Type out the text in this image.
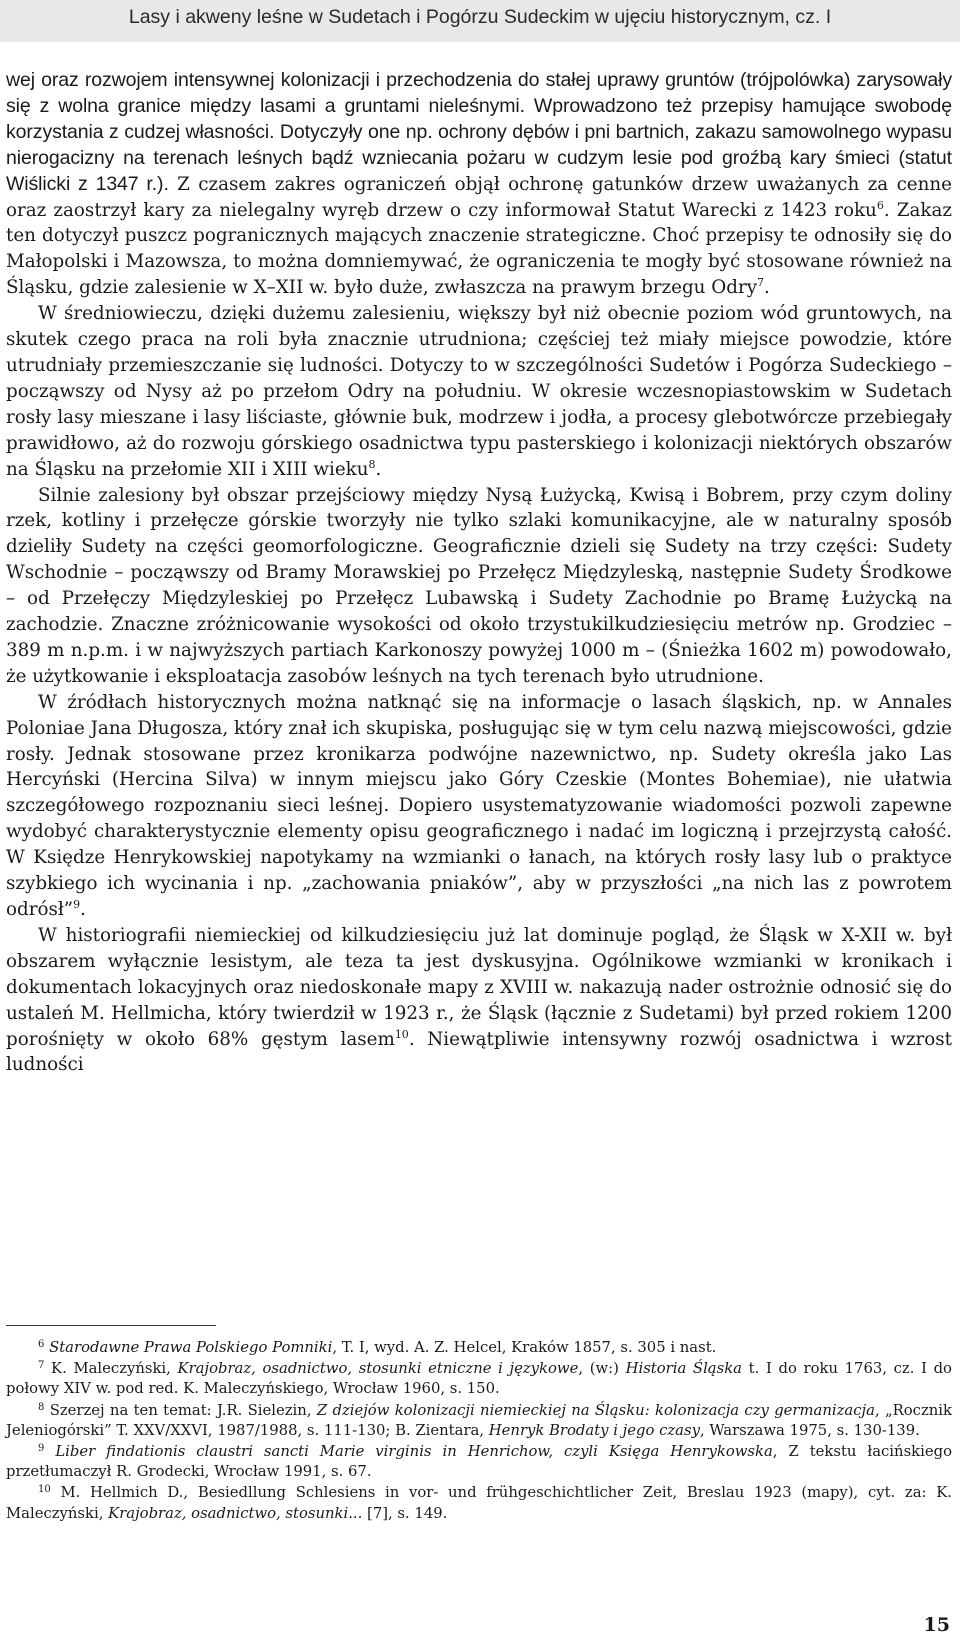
Lasy i akweny leśne w Sudetach i Pogórzu Sudeckim w ujęciu historycznym, cz. I

wej oraz rozwojem intensywnej kolonizacji i przechodzenia do stałej uprawy gruntów (trójpolówka) zarysowały się z wolna granice między lasami a gruntami nieleśnymi. Wprowadzono też przepisy hamujące swobodę korzystania z cudzej własności. Dotyczyły one np. ochrony dębów i pni bartnich, zakazu samowolnego wypasu nierogacizny na terenach leśnych bądź wzniecania pożaru w cudzym lesie pod groźbą kary śmieci (statut Wiślicki z 1347 r.). Z czasem zakres ograniczeń objął ochronę gatunków drzew uważanych za cenne oraz zaostrzył kary za nielegalny wyręb drzew o czy informował Statut Warecki z 1423 roku$^6$. Zakaz ten dotyczył puszcz pogranicznych mających znaczenie strategiczne. Choć przepisy te odnosiły się do Małopolski i Mazowsza, to można domniemywać, że ograniczenia te mogły być stosowane również na Śląsku, gdzie zalesienie w X–XII w. było duże, zwłaszcza na prawym brzegu Odry$^7$.

W średniowieczu, dzięki dużemu zalesieniu, większy był niż obecnie poziom wód gruntowych, na skutek czego praca na roli była znacznie utrudniona; częściej też miały miejsce powodzie, które utrudniały przemieszczanie się ludności. Dotyczy to w szczególności Sudetów i Pogórza Sudeckiego – począwszy od Nysy aż po przełom Odry na południu. W okresie wczesnopiastowskim w Sudetach rosły lasy mieszane i lasy liściaste, głównie buk, modrzew i jodła, a procesy glebotwórcze przebiegały prawidłowo, aż do rozwoju górskiego osadnictwa typu pasterskiego i kolonizacji niektórych obszarów na Śląsku na przełomie XII i XIII wieku$^8$.

Silnie zalesiony był obszar przejściowy między Nysą Łużycką, Kwisą i Bobrem, przy czym doliny rzek, kotliny i przełęcze górskie tworzyły nie tylko szlaki komunikacyjne, ale w naturalny sposób dzieliły Sudety na części geomorfologiczne. Geograficznie dzieli się Sudety na trzy części: Sudety Wschodnie – począwszy od Bramy Morawskiej po Przełęcz Międzyleską, następnie Sudety Środkowe – od Przełęczy Międzyleskiej po Przełęcz Lubawską i Sudety Zachodnie po Bramę Łużycką na zachodzie. Znaczne zróżnicowanie wysokości od około trzystukilkudziesięciu metrów np. Grodziec – 389 m n.p.m. i w najwyższych partiach Karkonoszy powyżej 1000 m – (Śnieżka 1602 m) powodowało, że użytkowanie i eksploatacja zasobów leśnych na tych terenach było utrudnione.

W źródłach historycznych można natknąć się na informacje o lasach śląskich, np. w Annales Poloniae Jana Długosza, który znał ich skupiska, posługując się w tym celu nazwą miejscowości, gdzie rosły. Jednak stosowane przez kronikarza podwójne nazewnictwo, np. Sudety określa jako Las Hercyński (Hercina Silva) w innym miejscu jako Góry Czeskie (Montes Bohemiae), nie ułatwia szczegółowego rozpoznaniu sieci leśnej. Dopiero usystematyzowanie wiadomości pozwoli zapewne wydobyć charakterystycznie elementy opisu geograficznego i nadać im logiczną i przejrzystą całość. W Księdze Henrykowskiej napotykamy na wzmianki o łanach, na których rosły lasy lub o praktyce szybkiego ich wycinania i np. „zachowania pniaków”, aby w przyszłości „na nich las z powrotem odrósł”$^9$.

W historiografii niemieckiej od kilkudziesięciu już lat dominuje pogląd, że Śląsk w X-XII w. był obszarem wyłącznie lesistym, ale teza ta jest dyskusyjna. Ogólnikowe wzmianki w kronikach i dokumentach lokacyjnych oraz niedoskonałe mapy z XVIII w. nakazują nader ostrożnie odnosić się do ustaleń M. Hellmicha, który twierdził w 1923 r., że Śląsk (łącznie z Sudetami) był przed rokiem 1200 porośnięty w około 68% gęstym lasem$^{10}$. Niewątpliwie intensywny rozwój osadnictwa i wzrost ludności

$^6$ Starodawne Prawa Polskiego Pomniki, T. I, wyd. A. Z. Helcel, Kraków 1857, s. 305 i nast.

$^7$ K. Maleczyński, Krajobraz, osadnictwo, stosunki etniczne i językowe, (w:) Historia Śląska t. I do roku 1763, cz. I do połowy XIV w. pod red. K. Maleczyńskiego, Wrocław 1960, s. 150.

$^8$ Szerzej na ten temat: J.R. Sielezin, Z dziejów kolonizacji niemieckiej na Śląsku: kolonizacja czy germanizacja, „Rocznik Jeleniogórski” T. XXV/XXVI, 1987/1988, s. 111-130; B. Zientara, Henryk Brodaty i jego czasy, Warszawa 1975, s. 130-139.

$^9$ Liber findationis claustri sancti Marie virginis in Henrichow, czyli Księga Henrykowska, Z tekstu łacińskiego przetłumaczył R. Grodecki, Wrocław 1991, s. 67.

$^{10}$ M. Hellmich D., Besiedllung Schlesiens in vor- und frühgeschichtlicher Zeit, Breslau 1923 (mapy), cyt. za: K. Maleczyński, Krajobraz, osadnictwo, stosunki... [7], s. 149.

15
